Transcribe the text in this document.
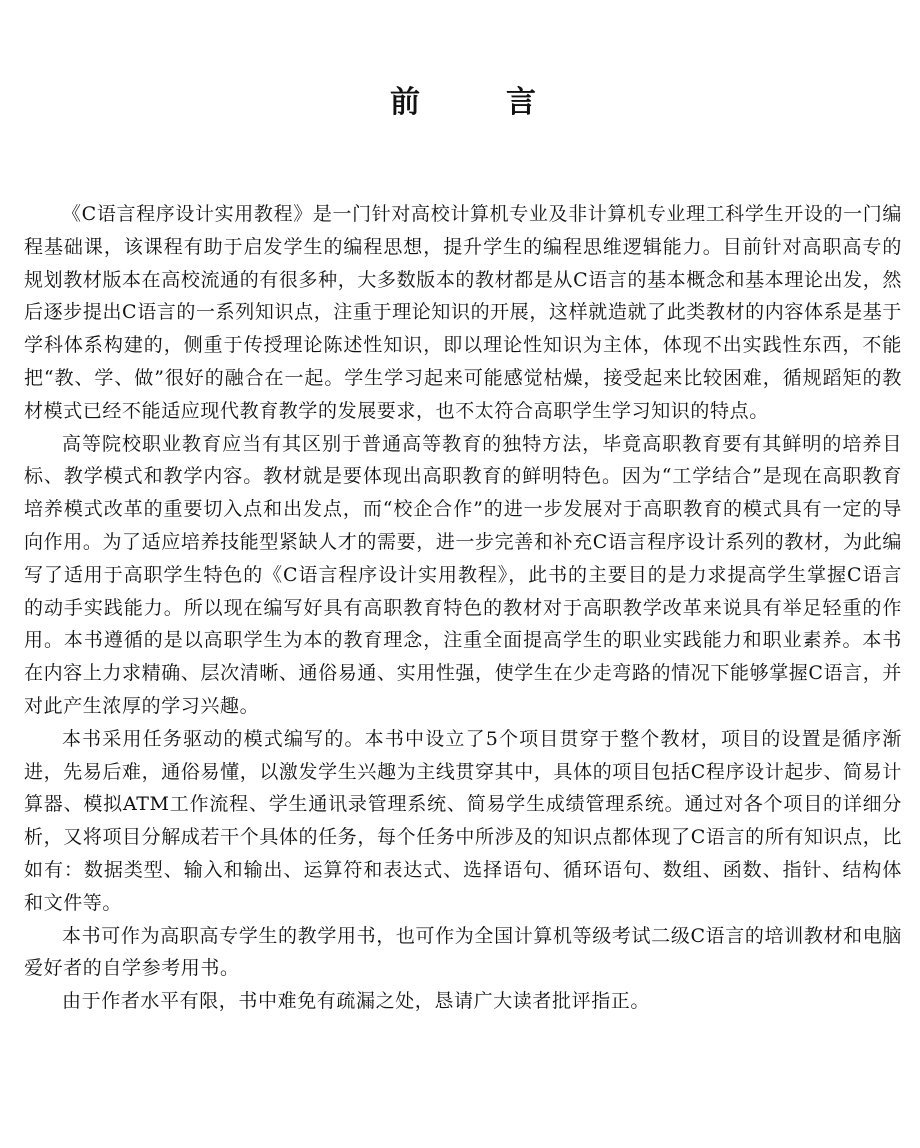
前　言

《C语言程序设计实用教程》是一门针对高校计算机专业及非计算机专业理工科学生开设的一门编程基础课，该课程有助于启发学生的编程思想，提升学生的编程思维逻辑能力。目前针对高职高专的规划教材版本在高校流通的有很多种，大多数版本的教材都是从C语言的基本概念和基本理论出发，然后逐步提出C语言的一系列知识点，注重于理论知识的开展，这样就造就了此类教材的内容体系是基于学科体系构建的，侧重于传授理论陈述性知识，即以理论性知识为主体，体现不出实践性东西，不能把“教、学、做”很好的融合在一起。学生学习起来可能感觉枯燥，接受起来比较困难，循规蹈矩的教材模式已经不能适应现代教育教学的发展要求，也不太符合高职学生学习知识的特点。

高等院校职业教育应当有其区别于普通高等教育的独特方法，毕竟高职教育要有其鲜明的培养目标、教学模式和教学内容。教材就是要体现出高职教育的鲜明特色。因为“工学结合”是现在高职教育培养模式改革的重要切入点和出发点，而“校企合作”的进一步发展对于高职教育的模式具有一定的导向作用。为了适应培养技能型紧缺人才的需要，进一步完善和补充C语言程序设计系列的教材，为此编写了适用于高职学生特色的《C语言程序设计实用教程》，此书的主要目的是力求提高学生掌握C语言的动手实践能力。所以现在编写好具有高职教育特色的教材对于高职教学改革来说具有举足轻重的作用。本书遵循的是以高职学生为本的教育理念，注重全面提高学生的职业实践能力和职业素养。本书在内容上力求精确、层次清晰、通俗易通、实用性强，使学生在少走弯路的情况下能够掌握C语言，并对此产生浓厚的学习兴趣。

本书采用任务驱动的模式编写的。本书中设立了5个项目贯穿于整个教材，项目的设置是循序渐进，先易后难，通俗易懂，以激发学生兴趣为主线贯穿其中，具体的项目包括C程序设计起步、简易计算器、模拟ATM工作流程、学生通讯录管理系统、简易学生成绩管理系统。通过对各个项目的详细分析，又将项目分解成若干个具体的任务，每个任务中所涉及的知识点都体现了C语言的所有知识点，比如有：数据类型、输入和输出、运算符和表达式、选择语句、循环语句、数组、函数、指针、结构体和文件等。

本书可作为高职高专学生的教学用书，也可作为全国计算机等级考试二级C语言的培训教材和电脑爱好者的自学参考用书。

由于作者水平有限，书中难免有疏漏之处，恳请广大读者批评指正。
